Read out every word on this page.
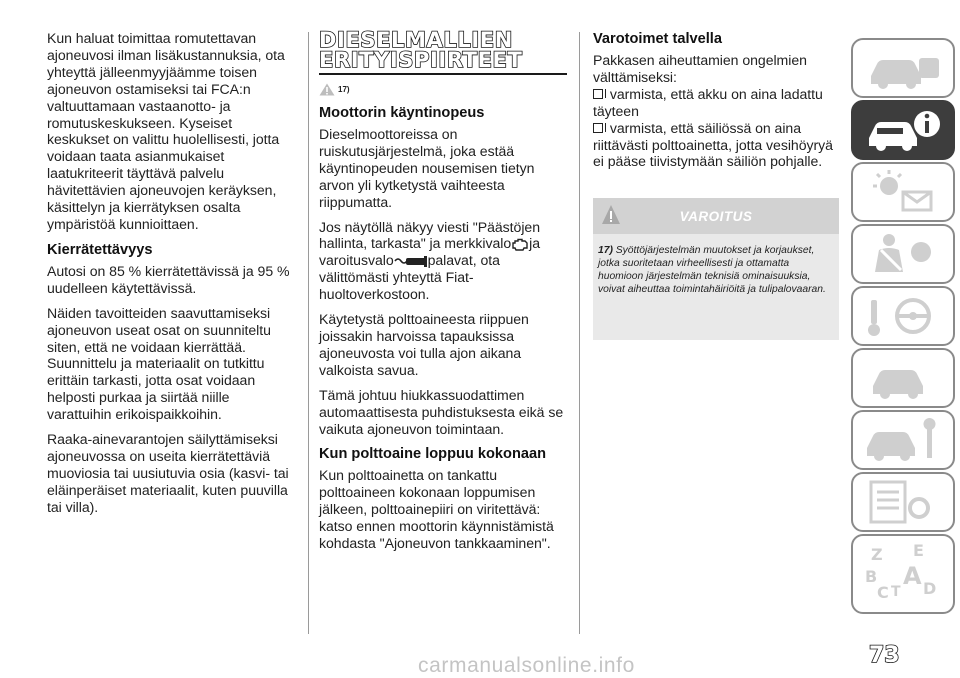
Kun haluat toimittaa romutettavan ajoneuvosi ilman lisäkustannuksia, ota yhteyttä jälleenmyyjäämme toisen ajoneuvon ostamiseksi tai FCA:n valtuuttamaan vastaanotto- ja romutuskeskukseen. Kyseiset keskukset on valittu huolellisesti, jotta voidaan taata asianmukaiset laatukriteerit täyttävä palvelu hävitettävien ajoneuvojen keräyksen, käsittelyn ja kierrätyksen osalta ympäristöä kunnioittaen.

Kierrätettävyys

Autosi on 85 % kierrätettävissä ja 95 % uudelleen käytettävissä.

Näiden tavoitteiden saavuttamiseksi ajoneuvon useat osat on suunniteltu siten, että ne voidaan kierrättää. Suunnittelu ja materiaalit on tutkittu erittäin tarkasti, jotta osat voidaan helposti purkaa ja siirtää niille varattuihin erikoispaikkoihin.

Raaka-ainevarantojen säilyttämiseksi ajoneuvossa on useita kierrätettäviä muoviosia tai uusiutuvia osia (kasvi- tai eläinperäiset materiaalit, kuten puuvilla tai villa).

DIESELMALLIEN
ERITYISPIIRTEET
17)
Moottorin käyntinopeus

Dieselmoottoreissa on ruiskutusjärjestelmä, joka estää käyntinopeuden nousemisen tietyn arvon yli kytketystä vaihteesta riippumatta.

Jos näytöllä näkyy viesti "Päästöjen hallinta, tarkasta" ja merkkivalo ja varoitusvalo palavat, ota välittömästi yhteyttä Fiat-huoltoverkostoon.

Käytetystä polttoaineesta riippuen joissakin harvoissa tapauksissa ajoneuvosta voi tulla ajon aikana valkoista savua.

Tämä johtuu hiukkassuodattimen automaattisesta puhdistuksesta eikä se vaikuta ajoneuvon toimintaan.

Kun polttoaine loppuu kokonaan

Kun polttoainetta on tankattu polttoaineen kokonaan loppumisen jälkeen, polttoainepiiri on viritettävä: katso ennen moottorin käynnistämistä kohdasta "Ajoneuvon tankkaaminen".

Varotoimet talvella

Pakkasen aiheuttamien ongelmien välttämiseksi:

varmista, että akku on aina ladattu täyteen

varmista, että säiliössä on aina riittävästi polttoainetta, jotta vesihöyryä ei pääse tiivistymään säiliön pohjalle.

VAROITUS
17) Syöttöjärjestelmän muutokset ja korjaukset, jotka suoritetaan virheellisesti ja ottamatta huomioon järjestelmän teknisiä ominaisuuksia, voivat aiheuttaa toimintahäiriöitä ja tulipalovaaran.
Z E
B
C T
A D
73
carmanualsonline.info
